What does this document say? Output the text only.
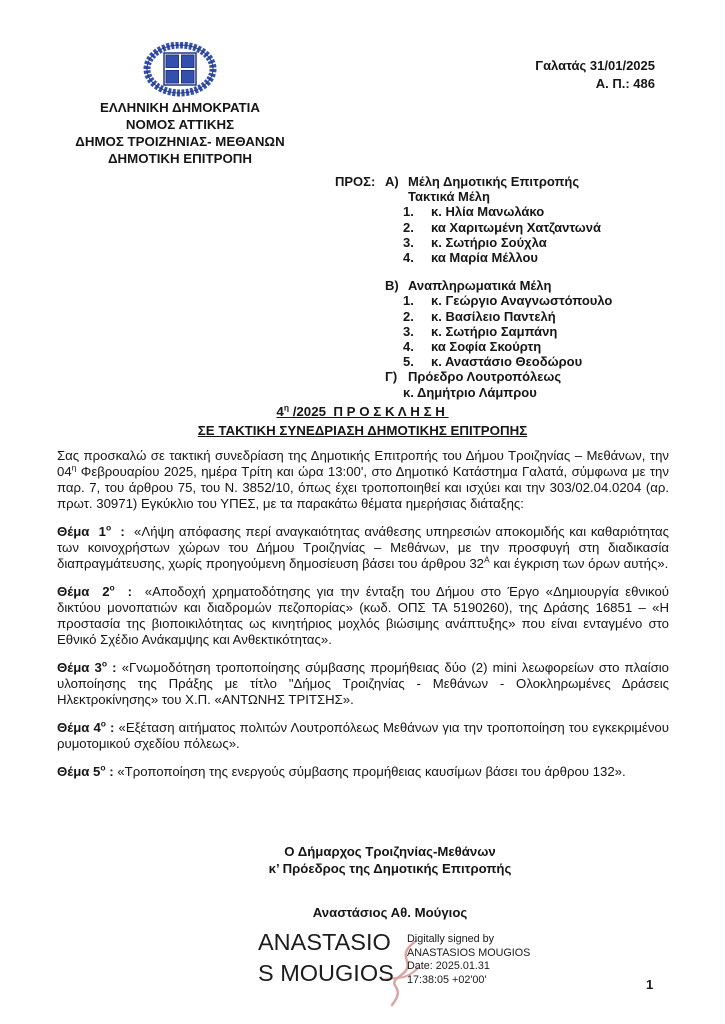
ΕΛΛΗΝΙΚΗ ΔΗΜΟΚΡΑΤΙΑ
ΝΟΜΟΣ ΑΤΤΙΚΗΣ
ΔΗΜΟΣ ΤΡΟΙΖΗΝΙΑΣ- ΜΕΘΑΝΩΝ
ΔΗΜΟΤΙΚΗ ΕΠΙΤΡΟΠΗ
Γαλατάς 31/01/2025
Α. Π.: 486
ΠΡΟΣ: Α) Μέλη Δημοτικής Επιτροπής
Τακτικά Μέλη
1.	κ. Ηλία Μανωλάκο
2.	κα Χαριτωμένη Χατζαντωνά
3.	κ. Σωτήριο Σούχλα
4.	κα Μαρία Μέλλου
Β) Αναπληρωματικά Μέλη
1.	κ. Γεώργιο Αναγνωστόπουλο
2.	κ. Βασίλειο Παντελή
3.	κ. Σωτήριο Σαμπάνη
4.	κα Σοφία Σκούρτη
5.	κ. Αναστάσιο Θεοδώρου
Γ) Πρόεδρο Λουτροπόλεως
κ. Δημήτριο Λάμπρου
$4^\eta$ /2025  Π Ρ Ο Σ Κ Λ Η Σ Η
ΣΕ ΤΑΚΤΙΚΗ ΣΥΝΕΔΡΙΑΣΗ ΔΗΜΟΤΙΚΗΣ ΕΠΙΤΡΟΠΗΣ

Σας προσκαλώ σε τακτική συνεδρίαση της Δημοτικής Επιτροπής του Δήμου Τροιζηνίας – Μεθάνων, την $04^\eta$ Φεβρουαρίου 2025, ημέρα Τρίτη και ώρα 13:00', στο Δημοτικό Κατάστημα Γαλατά, σύμφωνα με την παρ. 7, του άρθρου 75, του Ν. 3852/10, όπως έχει τροποποιηθεί και ισχύει και την 303/02.04.0204 (αρ. πρωτ. 30971) Εγκύκλιο του ΥΠΕΣ, με τα παρακάτω θέματα ημερήσιας διάταξης:

Θέμα  $1^o$  :  «Λήψη απόφασης περί αναγκαιότητας ανάθεσης υπηρεσιών αποκομιδής και καθαριότητας των κοινοχρήστων χώρων του Δήμου Τροιζηνίας – Μεθάνων, με την προσφυγή στη διαδικασία διαπραγμάτευσης, χωρίς προηγούμενη δημοσίευση βάσει του άρθρου $32^A$ και έγκριση των όρων αυτής».

Θέμα  $2^o$  :  «Αποδοχή χρηματοδότησης για την ένταξη του Δήμου στο Έργο «Δημιουργία εθνικού δικτύου μονοπατιών και διαδρομών πεζοπορίας» (κωδ. ΟΠΣ ΤΑ 5190260), της Δράσης 16851 – «Η προστασία της βιοποικιλότητας ως κινητήριος μοχλός βιώσιμης ανάπτυξης» που είναι ενταγμένο στο Εθνικό Σχέδιο Ανάκαμψης και Ανθεκτικότητας».

Θέμα $3^o$ : «Γνωμοδότηση τροποποίησης σύμβασης προμήθειας δύο (2) mini λεωφορείων στο πλαίσιο υλοποίησης της Πράξης με τίτλο "Δήμος Τροιζηνίας - Μεθάνων - Ολοκληρωμένες Δράσεις Ηλεκτροκίνησης» του Χ.Π. «ΑΝΤΩΝΗΣ ΤΡΙΤΣΗΣ».

Θέμα $4^o$ : «Εξέταση αιτήματος πολιτών Λουτροπόλεως Μεθάνων για την τροποποίηση του εγκεκριμένου ρυμοτομικού σχεδίου πόλεως».

Θέμα $5^o$ : «Τροποποίηση της ενεργούς σύμβασης προμήθειας καυσίμων βάσει του άρθρου 132».

Ο Δήμαρχος Τροιζηνίας-Μεθάνων
κ’ Πρόεδρος της Δημοτικής Επιτροπής
Αναστάσιος Αθ. Μούγιος
ANASTASIO
S MOUGIOS
Digitally signed by
ANASTASIOS MOUGIOS
Date: 2025.01.31
17:38:05 +02'00'	1
